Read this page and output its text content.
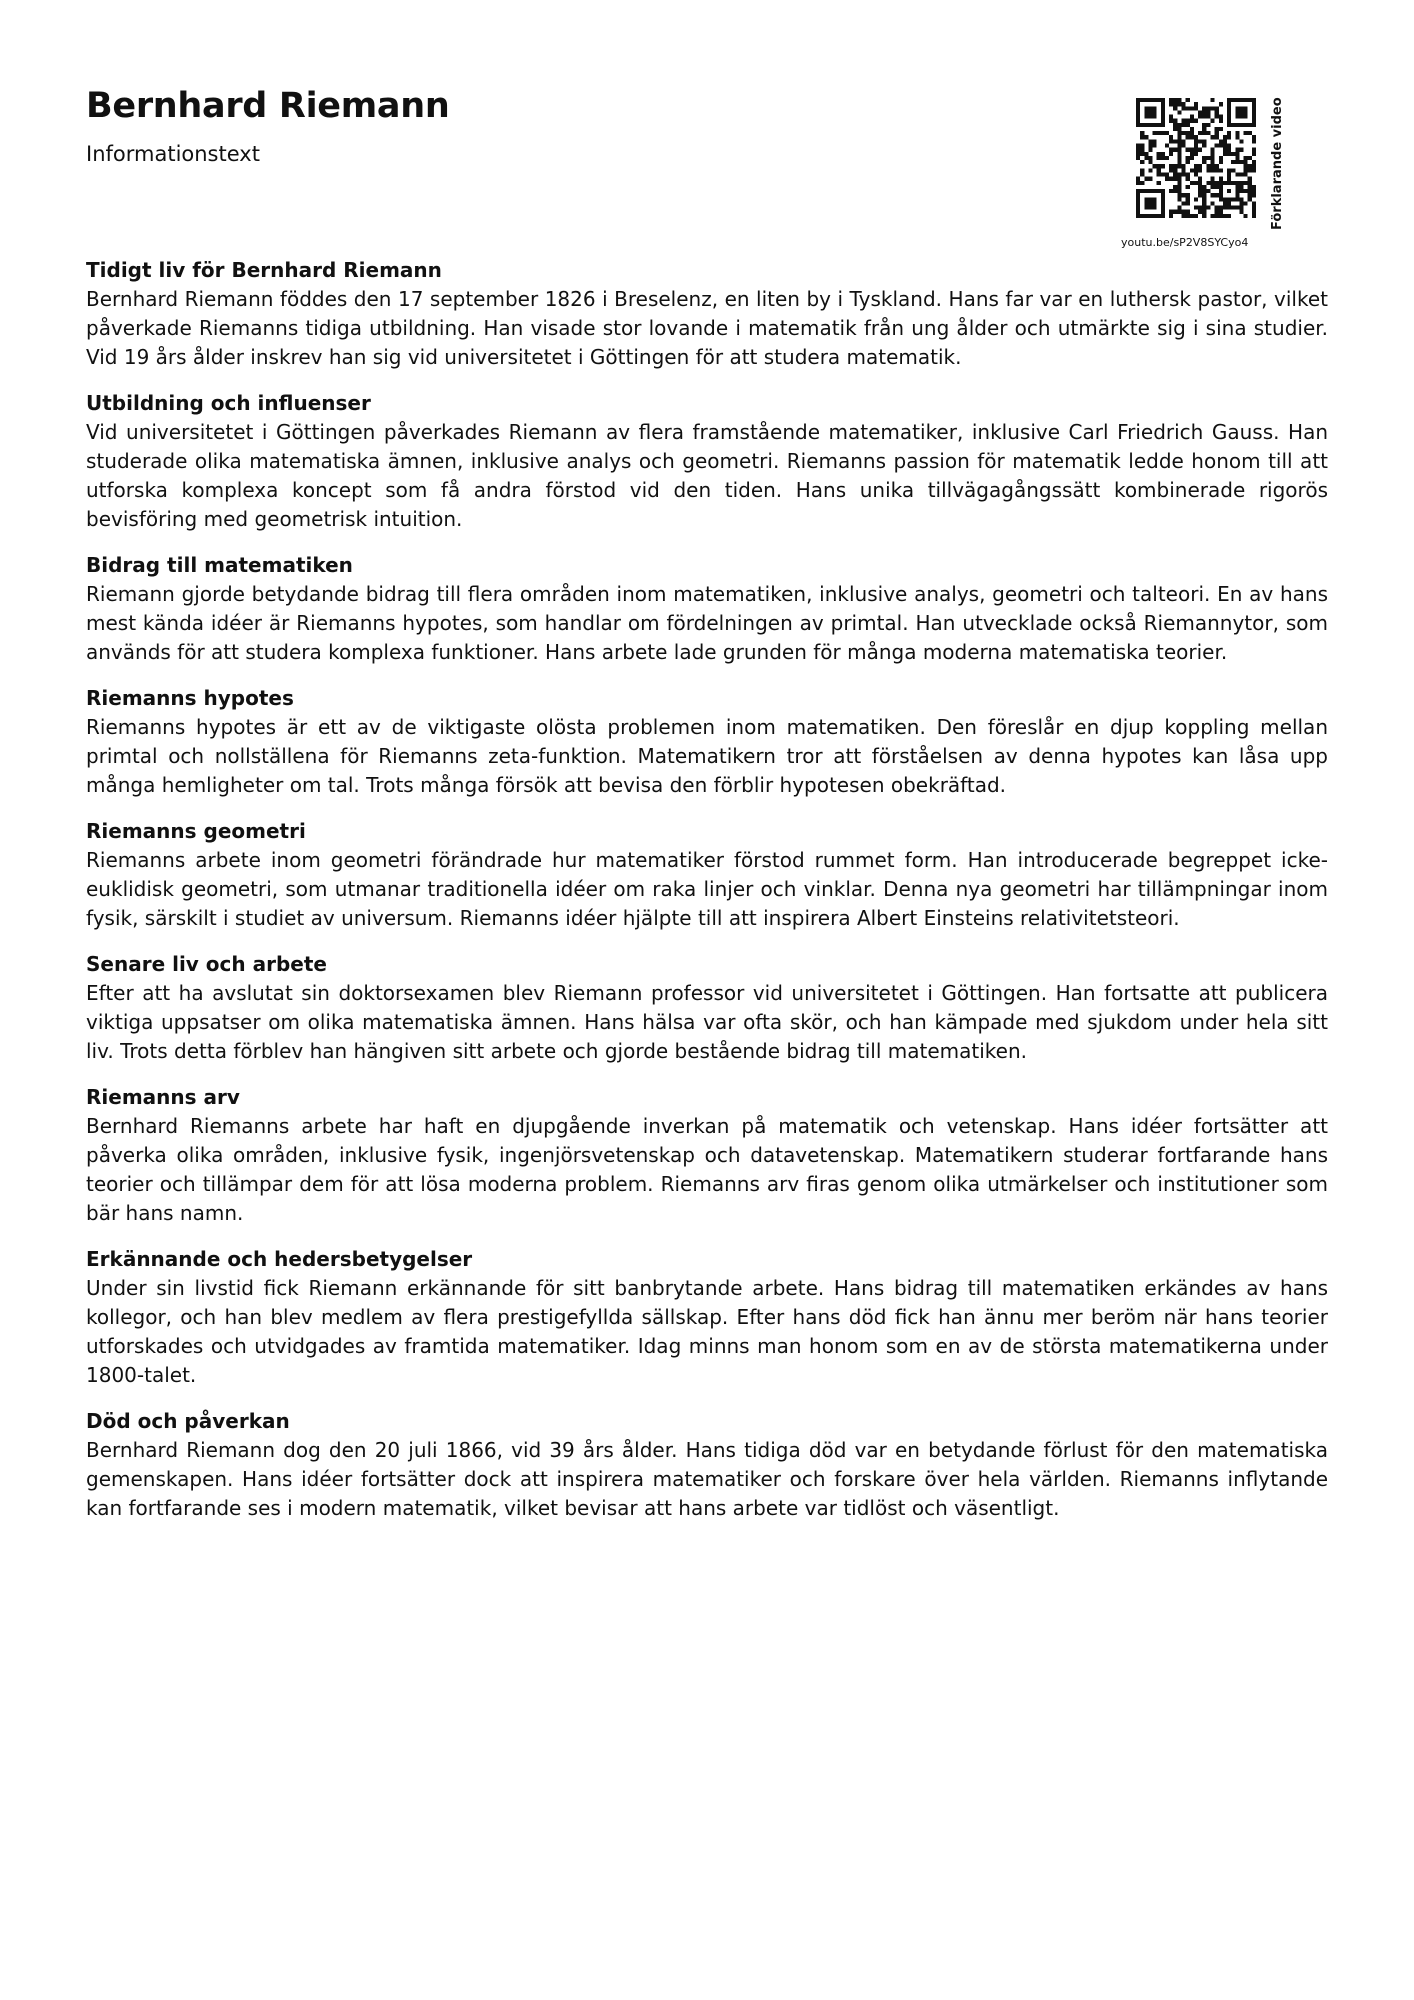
Bernhard Riemann

Informationstext	Förklarande video
youtu.be/sP2V8SYCyo4
Tidigt liv för Bernhard Riemann

Bernhard Riemann föddes den 17 september 1826 i Breselenz, en liten by i Tyskland. Hans far var en luthersk pastor, vilket påverkade Riemanns tidiga utbildning. Han visade stor lovande i matematik från ung ålder och utmärkte sig i sina studier. Vid 19 års ålder inskrev han sig vid universitetet i Göttingen för att studera matematik.

Utbildning och influenser

Vid universitetet i Göttingen påverkades Riemann av flera framstående matematiker, inklusive Carl Friedrich Gauss. Han studerade olika matematiska ämnen, inklusive analys och geometri. Riemanns passion för matematik ledde honom till att utforska komplexa koncept som få andra förstod vid den tiden. Hans unika tillvägagångssätt kombinerade rigorös bevisföring med geometrisk intuition.

Bidrag till matematiken

Riemann gjorde betydande bidrag till flera områden inom matematiken, inklusive analys, geometri och talteori. En av hans mest kända idéer är Riemanns hypotes, som handlar om fördelningen av primtal. Han utvecklade också Riemannytor, som används för att studera komplexa funktioner. Hans arbete lade grunden för många moderna matematiska teorier.

Riemanns hypotes

Riemanns hypotes är ett av de viktigaste olösta problemen inom matematiken. Den föreslår en djup koppling mellan primtal och nollställena för Riemanns zeta-funktion. Matematikern tror att förståelsen av denna hypotes kan låsa upp många hemligheter om tal. Trots många försök att bevisa den förblir hypotesen obekräftad.

Riemanns geometri

Riemanns arbete inom geometri förändrade hur matematiker förstod rummet form. Han introducerade begreppet icke-euklidisk geometri, som utmanar traditionella idéer om raka linjer och vinklar. Denna nya geometri har tillämpningar inom fysik, särskilt i studiet av universum. Riemanns idéer hjälpte till att inspirera Albert Einsteins relativitetsteori.

Senare liv och arbete

Efter att ha avslutat sin doktorsexamen blev Riemann professor vid universitetet i Göttingen. Han fortsatte att publicera viktiga uppsatser om olika matematiska ämnen. Hans hälsa var ofta skör, och han kämpade med sjukdom under hela sitt liv. Trots detta förblev han hängiven sitt arbete och gjorde bestående bidrag till matematiken.

Riemanns arv

Bernhard Riemanns arbete har haft en djupgående inverkan på matematik och vetenskap. Hans idéer fortsätter att påverka olika områden, inklusive fysik, ingenjörsvetenskap och datavetenskap. Matematikern studerar fortfarande hans teorier och tillämpar dem för att lösa moderna problem. Riemanns arv firas genom olika utmärkelser och institutioner som bär hans namn.

Erkännande och hedersbetygelser

Under sin livstid fick Riemann erkännande för sitt banbrytande arbete. Hans bidrag till matematiken erkändes av hans kollegor, och han blev medlem av flera prestigefyllda sällskap. Efter hans död fick han ännu mer beröm när hans teorier utforskades och utvidgades av framtida matematiker. Idag minns man honom som en av de största matematikerna under 1800-talet.

Död och påverkan

Bernhard Riemann dog den 20 juli 1866, vid 39 års ålder. Hans tidiga död var en betydande förlust för den matematiska gemenskapen. Hans idéer fortsätter dock att inspirera matematiker och forskare över hela världen. Riemanns inflytande kan fortfarande ses i modern matematik, vilket bevisar att hans arbete var tidlöst och väsentligt.
